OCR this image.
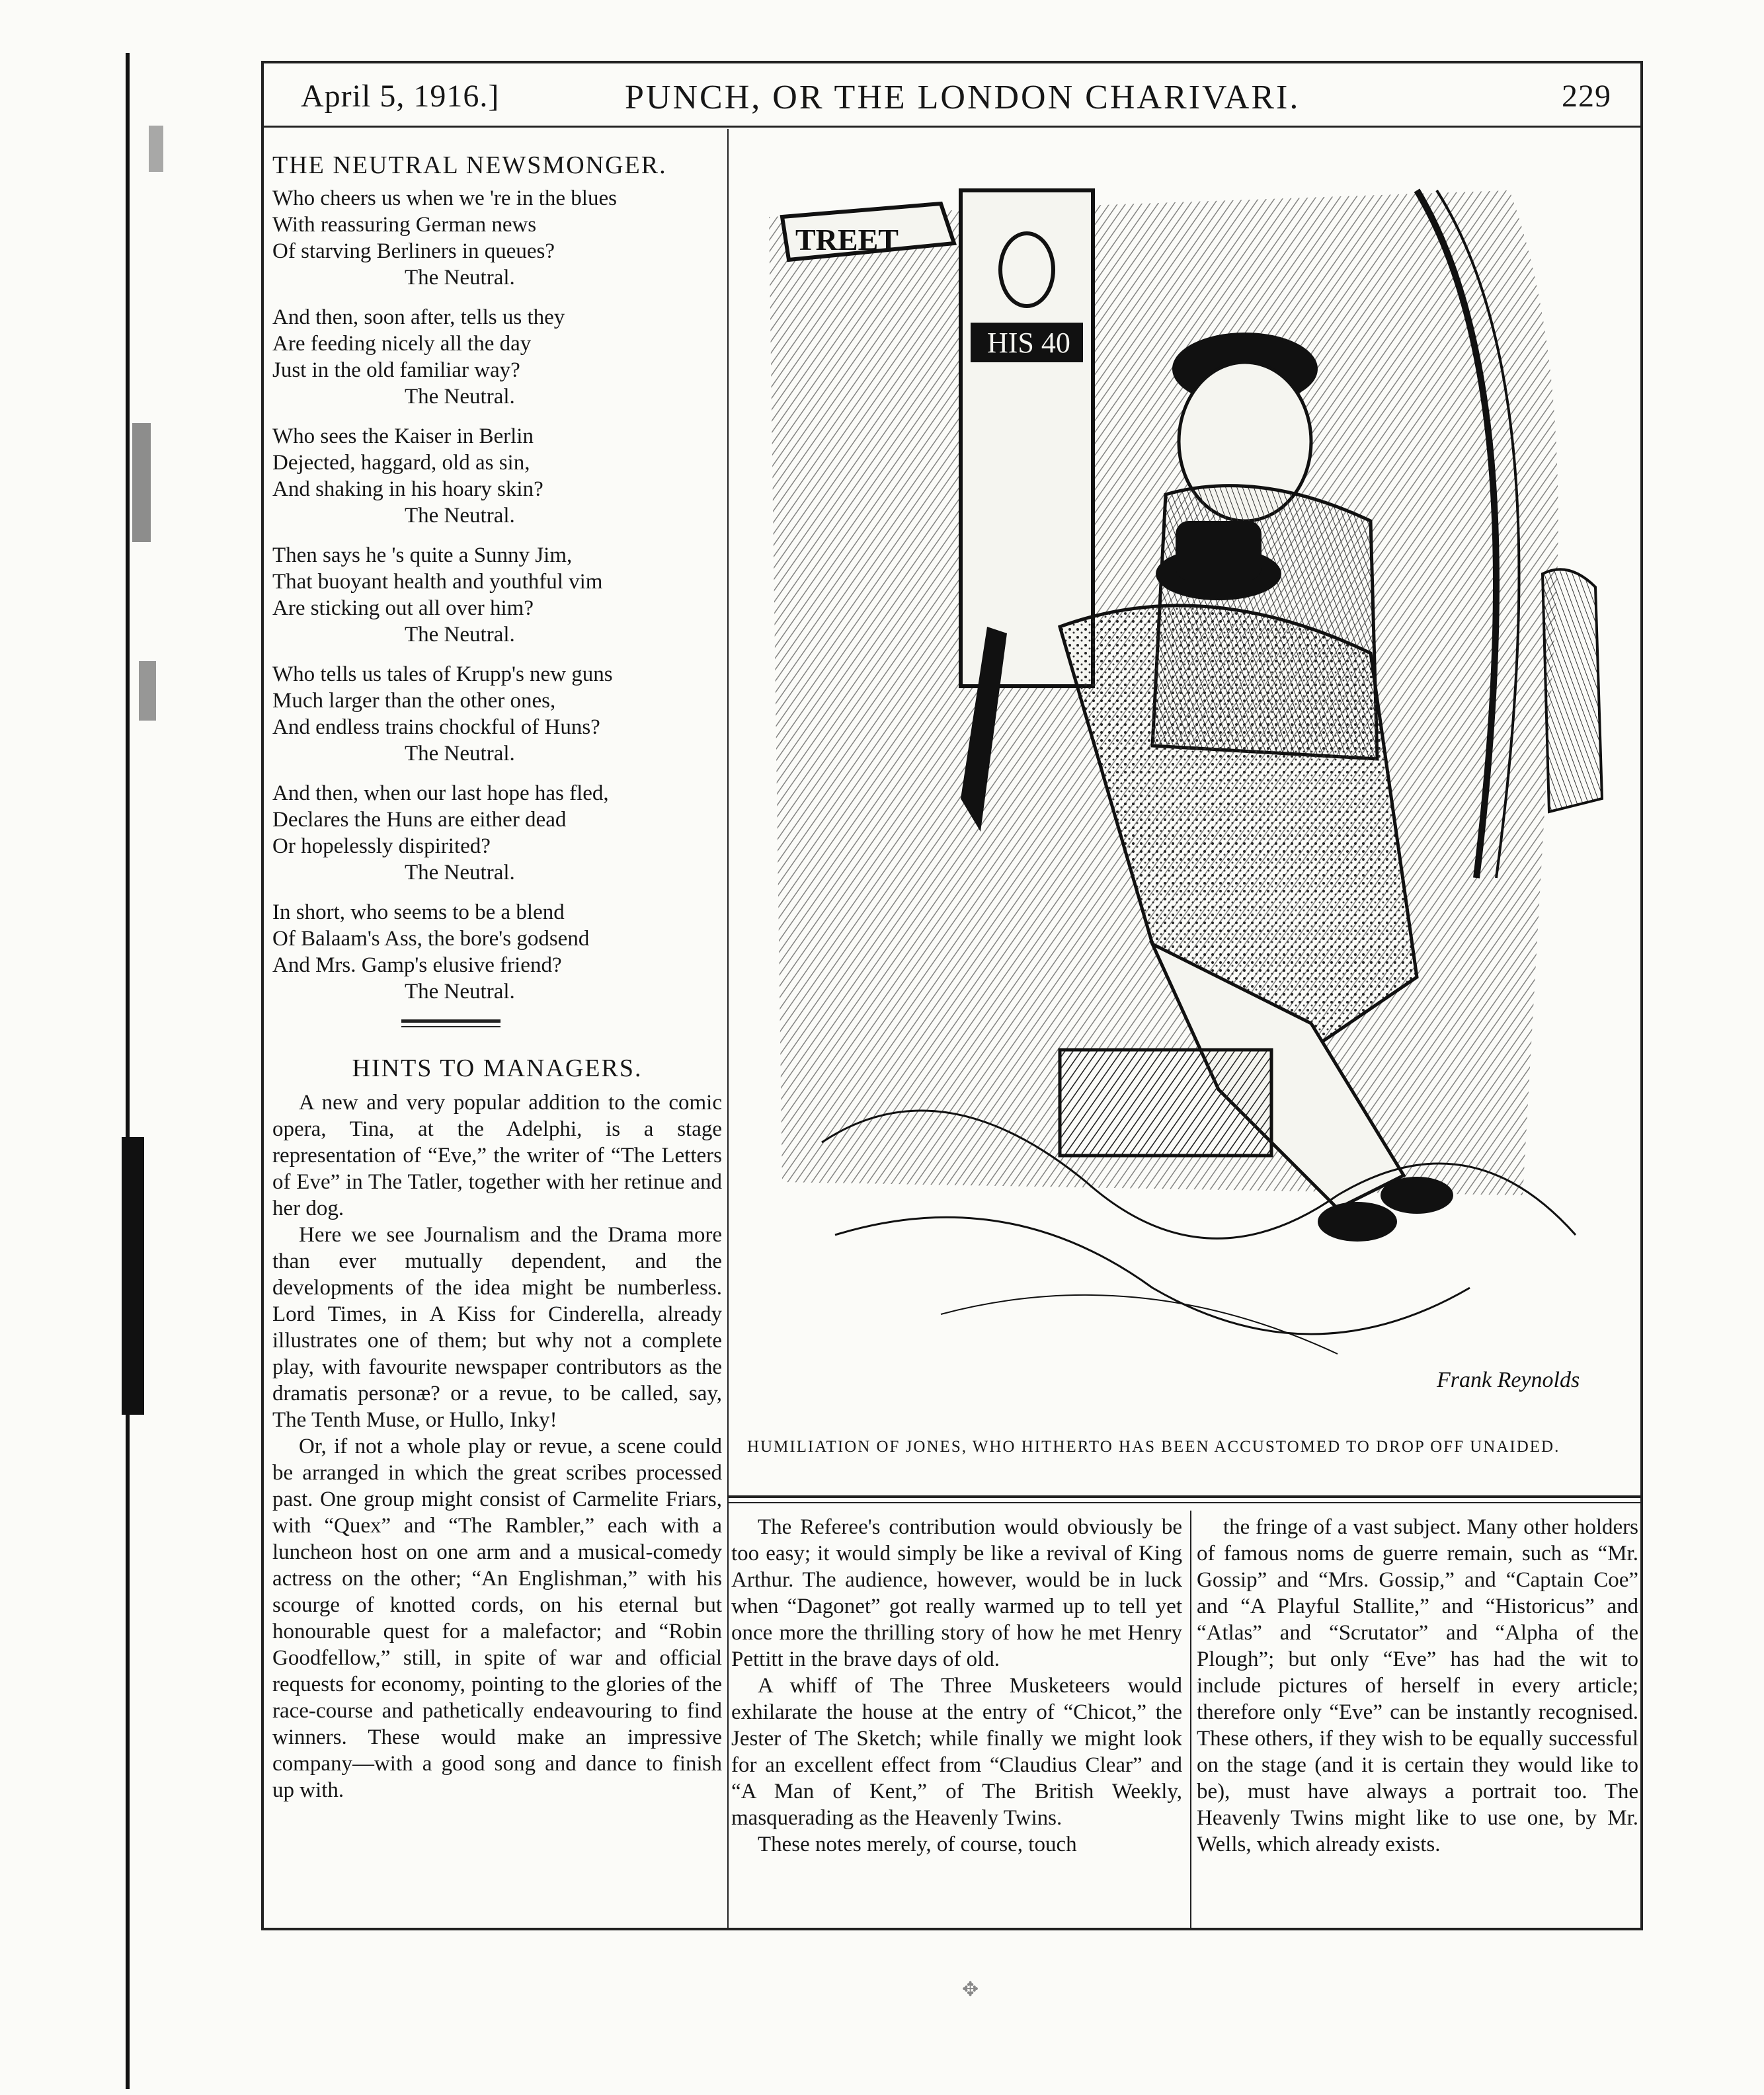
April 5, 1916.]	PUNCH, OR THE LONDON CHARIVARI.	229
THE NEUTRAL NEWSMONGER.
Who cheers us when we 're in the blues
With reassuring German news
Of starving Berliners in queues?
The Neutral.
And then, soon after, tells us they
Are feeding nicely all the day
Just in the old familiar way?
The Neutral.
Who sees the Kaiser in Berlin
Dejected, haggard, old as sin,
And shaking in his hoary skin?
The Neutral.
Then says he 's quite a Sunny Jim,
That buoyant health and youthful vim
Are sticking out all over him?
The Neutral.
Who tells us tales of Krupp's new guns
Much larger than the other ones,
And endless trains chockful of Huns?
The Neutral.
And then, when our last hope has fled,
Declares the Huns are either dead
Or hopelessly dispirited?
The Neutral.
In short, who seems to be a blend
Of Balaam's Ass, the bore's godsend
And Mrs. Gamp's elusive friend?
The Neutral.
HINTS TO MANAGERS.

A new and very popular addition to the comic opera, Tina, at the Adelphi, is a stage representation of “Eve,” the writer of “The Letters of Eve” in The Tatler, together with her retinue and her dog.

Here we see Journalism and the Drama more than ever mutually dependent, and the developments of the idea might be numberless. Lord Times, in A Kiss for Cinderella, already illustrates one of them; but why not a complete play, with favourite newspaper contributors as the dramatis personæ? or a revue, to be called, say, The Tenth Muse, or Hullo, Inky!

Or, if not a whole play or revue, a scene could be arranged in which the great scribes processed past. One group might consist of Carmelite Friars, with “Quex” and “The Rambler,” each with a luncheon host on one arm and a musical-comedy actress on the other; “An Englishman,” with his scourge of knotted cords, on his eternal but honourable quest for a malefactor; and “Robin Goodfellow,” still, in spite of war and official requests for economy, pointing to the glories of the race-course and pathetically endeavouring to find winners. These would make an impressive company—with a good song and dance to finish up with.

HIS 40
TREET
Frank Reynolds
HUMILIATION OF JONES, WHO HITHERTO HAS BEEN ACCUSTOMED TO DROP OFF UNAIDED.

The Referee's contribution would obviously be too easy; it would simply be like a revival of King Arthur. The audience, however, would be in luck when “Dagonet” got really warmed up to tell yet once more the thrilling story of how he met Henry Pettitt in the brave days of old.

A whiff of The Three Musketeers would exhilarate the house at the entry of “Chicot,” the Jester of The Sketch; while finally we might look for an excellent effect from “Claudius Clear” and “A Man of Kent,” of The British Weekly, masquerading as the Heavenly Twins.

These notes merely, of course, touch

the fringe of a vast subject. Many other holders of famous noms de guerre remain, such as “Mr. Gossip” and “Mrs. Gossip,” and “Captain Coe” and “A Playful Stallite,” and “Historicus” and “Atlas” and “Scrutator” and “Alpha of the Plough”; but only “Eve” has had the wit to include pictures of herself in every article; therefore only “Eve” can be instantly recognised. These others, if they wish to be equally successful on the stage (and it is certain they would like to be), must have always a portrait too. The Heavenly Twins might like to use one, by Mr. Wells, which already exists.

✥
